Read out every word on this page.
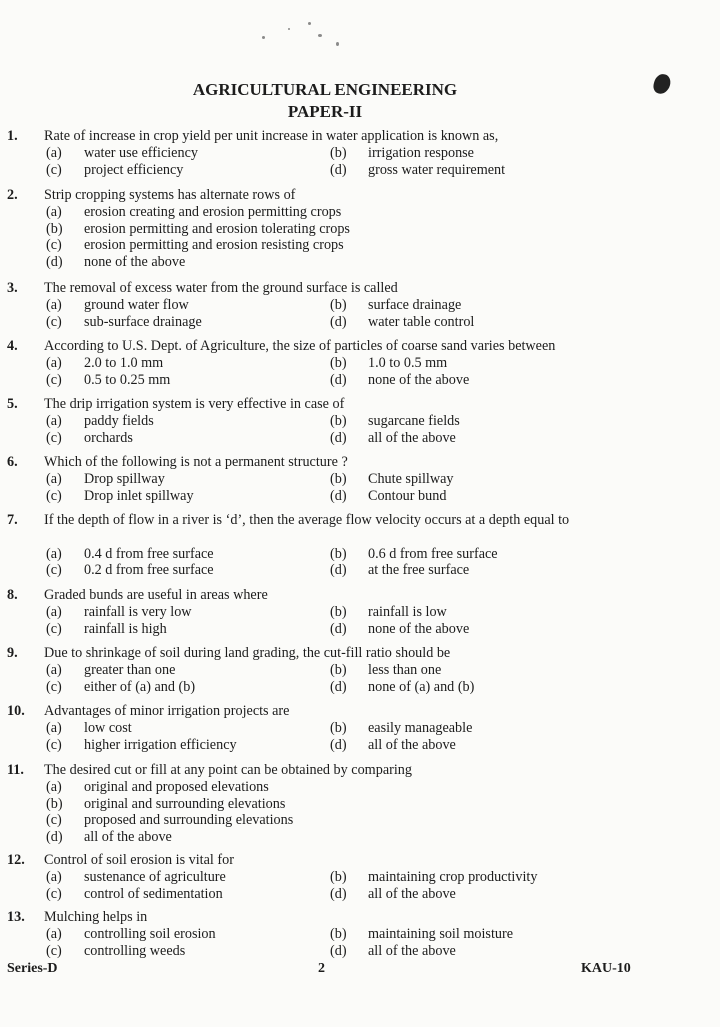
AGRICULTURAL ENGINEERING
PAPER-II
1. Rate of increase in crop yield per unit increase in water application is known as,
(a) water use efficiency	(b) irrigation response
(c) project efficiency	(d) gross water requirement
2. Strip cropping systems has alternate rows of
(a) erosion creating and erosion permitting crops
(b) erosion permitting and erosion tolerating crops
(c) erosion permitting and erosion resisting crops
(d) none of the above
3. The removal of excess water from the ground surface is called
(a) ground water flow	(b) surface drainage
(c) sub-surface drainage	(d) water table control
4. According to U.S. Dept. of Agriculture, the size of particles of coarse sand varies between
(a) 2.0 to 1.0 mm	(b) 1.0 to 0.5 mm
(c) 0.5 to 0.25 mm	(d) none of the above
5. The drip irrigation system is very effective in case of
(a) paddy fields	(b) sugarcane fields
(c) orchards	(d) all of the above
6. Which of the following is not a permanent structure ?
(a) Drop spillway	(b) Chute spillway
(c) Drop inlet spillway	(d) Contour bund
7. If the depth of flow in a river is ‘d’, then the average flow velocity occurs at a depth equal to
(a) 0.4 d from free surface	(b) 0.6 d from free surface
(c) 0.2 d from free surface	(d) at the free surface
8. Graded bunds are useful in areas where
(a) rainfall is very low	(b) rainfall is low
(c) rainfall is high	(d) none of the above
9. Due to shrinkage of soil during land grading, the cut-fill ratio should be
(a) greater than one	(b) less than one
(c) either of (a) and (b)	(d) none of (a) and (b)
10. Advantages of minor irrigation projects are
(a) low cost	(b) easily manageable
(c) higher irrigation efficiency	(d) all of the above
11. The desired cut or fill at any point can be obtained by comparing
(a) original and proposed elevations
(b) original and surrounding elevations
(c) proposed and surrounding elevations
(d) all of the above
12. Control of soil erosion is vital for
(a) sustenance of agriculture	(b) maintaining crop productivity
(c) control of sedimentation	(d) all of the above
13. Mulching helps in
(a) controlling soil erosion	(b) maintaining soil moisture
(c) controlling weeds	(d) all of the above
Series-D	2	KAU-10
